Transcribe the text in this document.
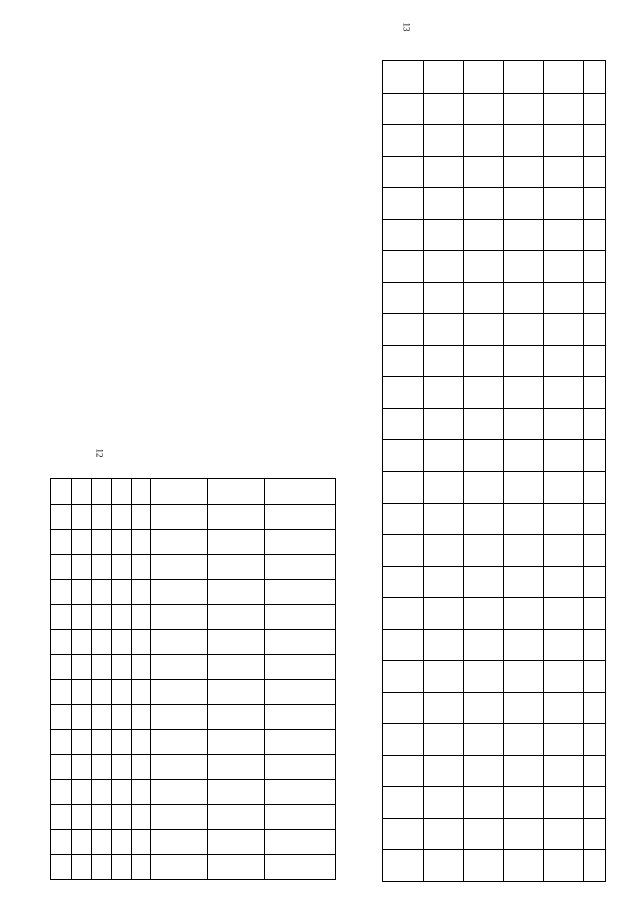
12
13
